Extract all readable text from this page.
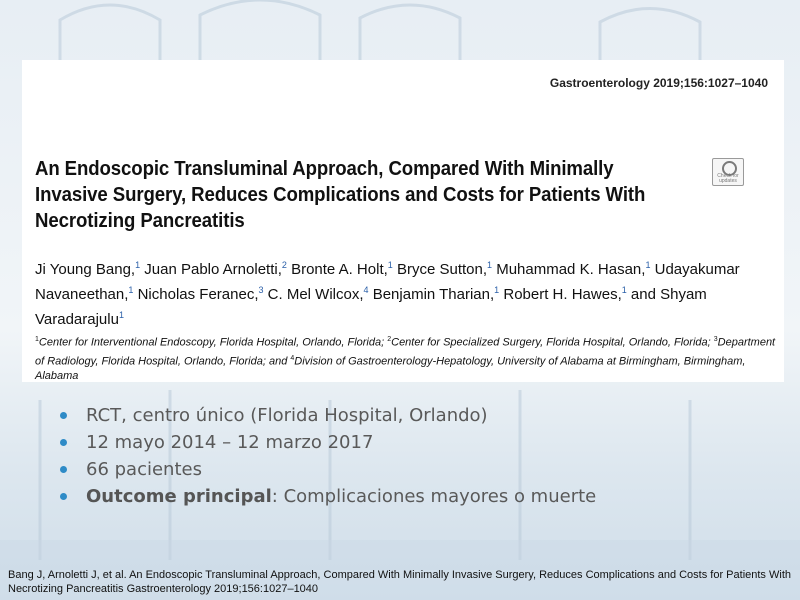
Gastroenterology 2019;156:1027–1040
Check for updates
An Endoscopic Transluminal Approach, Compared With Minimally Invasive Surgery, Reduces Complications and Costs for Patients With Necrotizing Pancreatitis
Ji Young Bang,$^1$ Juan Pablo Arnoletti,$^2$ Bronte A. Holt,$^1$ Bryce Sutton,$^1$ Muhammad K. Hasan,$^1$ Udayakumar Navaneethan,$^1$ Nicholas Feranec,$^3$ C. Mel Wilcox,$^4$ Benjamin Tharian,$^1$ Robert H. Hawes,$^1$ and Shyam Varadarajulu$^1$
$^1$Center for Interventional Endoscopy, Florida Hospital, Orlando, Florida; $^2$Center for Specialized Surgery, Florida Hospital, Orlando, Florida; $^3$Department of Radiology, Florida Hospital, Orlando, Florida; and $^4$Division of Gastroenterology-Hepatology, University of Alabama at Birmingham, Birmingham, Alabama
RCT, centro único (Florida Hospital, Orlando)
12 mayo 2014 – 12 marzo 2017
66 pacientes
Outcome principal: Complicaciones mayores o muerte
Bang J, Arnoletti J, et al. An Endoscopic Transluminal Approach, Compared With Minimally Invasive Surgery, Reduces Complications and Costs for Patients With Necrotizing Pancreatitis Gastroenterology 2019;156:1027–1040
